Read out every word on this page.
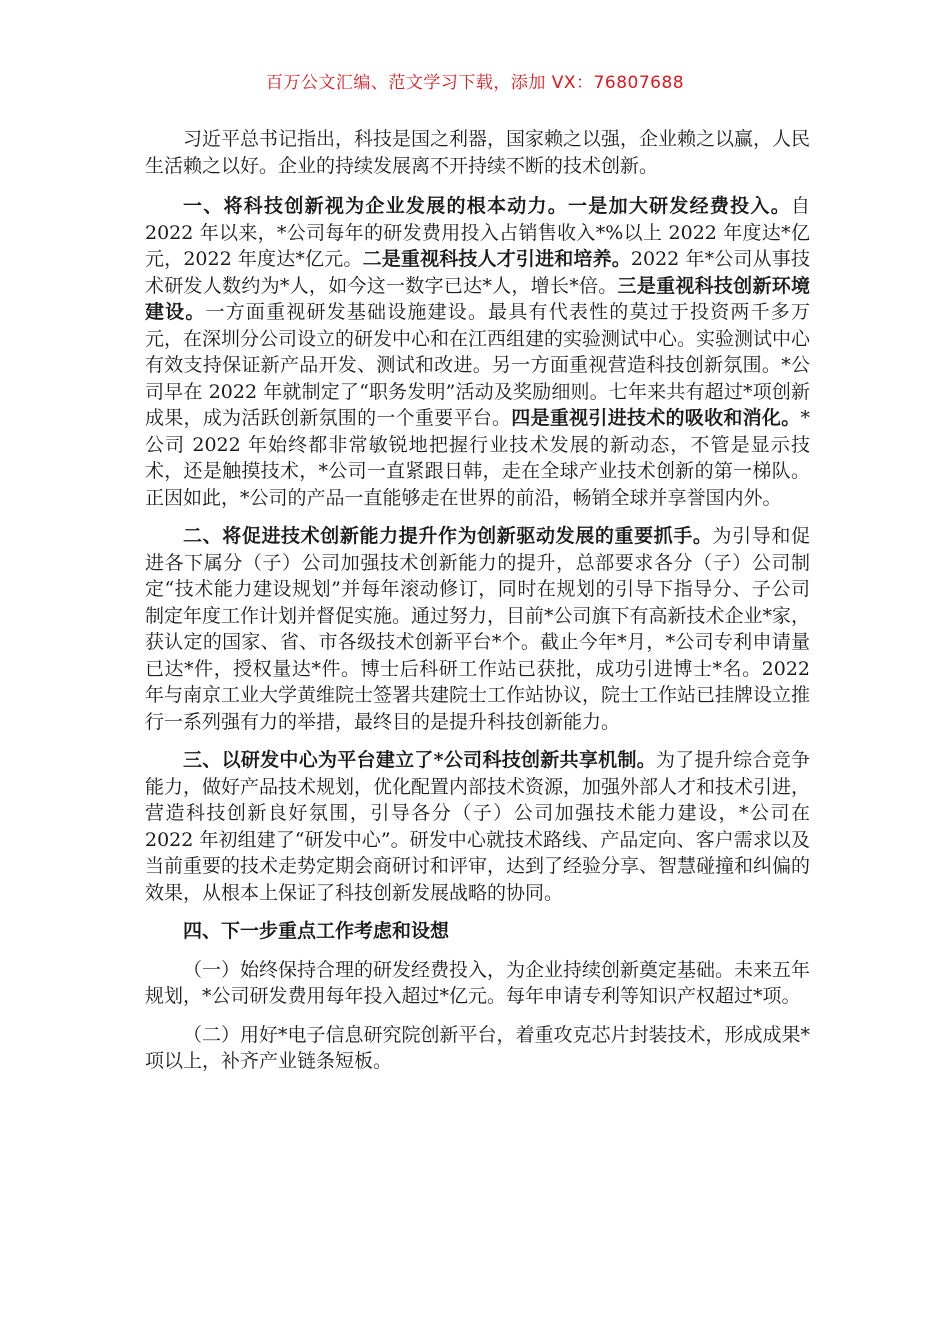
百万公文汇编、范文学习下载，添加 VX：76807688

习近平总书记指出，科技是国之利器，国家赖之以强，企业赖之以赢，人民生活赖之以好。企业的持续发展离不开持续不断的技术创新。

一、将科技创新视为企业发展的根本动力。一是加大研发经费投入。自 2022 年以来，*公司每年的研发费用投入占销售收入*%以上 2022 年度达*亿元，2022 年度达*亿元。二是重视科技人才引进和培养。2022 年*公司从事技术研发人数约为*人，如今这一数字已达*人，增长*倍。三是重视科技创新环境建设。一方面重视研发基础设施建设。最具有代表性的莫过于投资两千多万元，在深圳分公司设立的研发中心和在江西组建的实验测试中心。实验测试中心有效支持保证新产品开发、测试和改进。另一方面重视营造科技创新氛围。*公司早在 2022 年就制定了“职务发明”活动及奖励细则。七年来共有超过*项创新成果，成为活跃创新氛围的一个重要平台。四是重视引进技术的吸收和消化。*公司 2022 年始终都非常敏锐地把握行业技术发展的新动态，不管是显示技术，还是触摸技术，*公司一直紧跟日韩，走在全球产业技术创新的第一梯队。正因如此，*公司的产品一直能够走在世界的前沿，畅销全球并享誉国内外。

二、将促进技术创新能力提升作为创新驱动发展的重要抓手。为引导和促进各下属分（子）公司加强技术创新能力的提升，总部要求各分（子）公司制定“技术能力建设规划”并每年滚动修订，同时在规划的引导下指导分、子公司制定年度工作计划并督促实施。通过努力，目前*公司旗下有高新技术企业*家，获认定的国家、省、市各级技术创新平台*个。截止今年*月，*公司专利申请量已达*件，授权量达*件。博士后科研工作站已获批，成功引进博士*名。2022 年与南京工业大学黄维院士签署共建院士工作站协议，院士工作站已挂牌设立推行一系列强有力的举措，最终目的是提升科技创新能力。

三、以研发中心为平台建立了*公司科技创新共享机制。为了提升综合竞争能力，做好产品技术规划，优化配置内部技术资源，加强外部人才和技术引进，营造科技创新良好氛围，引导各分（子）公司加强技术能力建设，*公司在 2022 年初组建了“研发中心”。研发中心就技术路线、产品定向、客户需求以及当前重要的技术走势定期会商研讨和评审，达到了经验分享、智慧碰撞和纠偏的效果，从根本上保证了科技创新发展战略的协同。

四、下一步重点工作考虑和设想

（一）始终保持合理的研发经费投入，为企业持续创新奠定基础。未来五年规划，*公司研发费用每年投入超过*亿元。每年申请专利等知识产权超过*项。

（二）用好*电子信息研究院创新平台，着重攻克芯片封装技术，形成成果*项以上，补齐产业链条短板。
